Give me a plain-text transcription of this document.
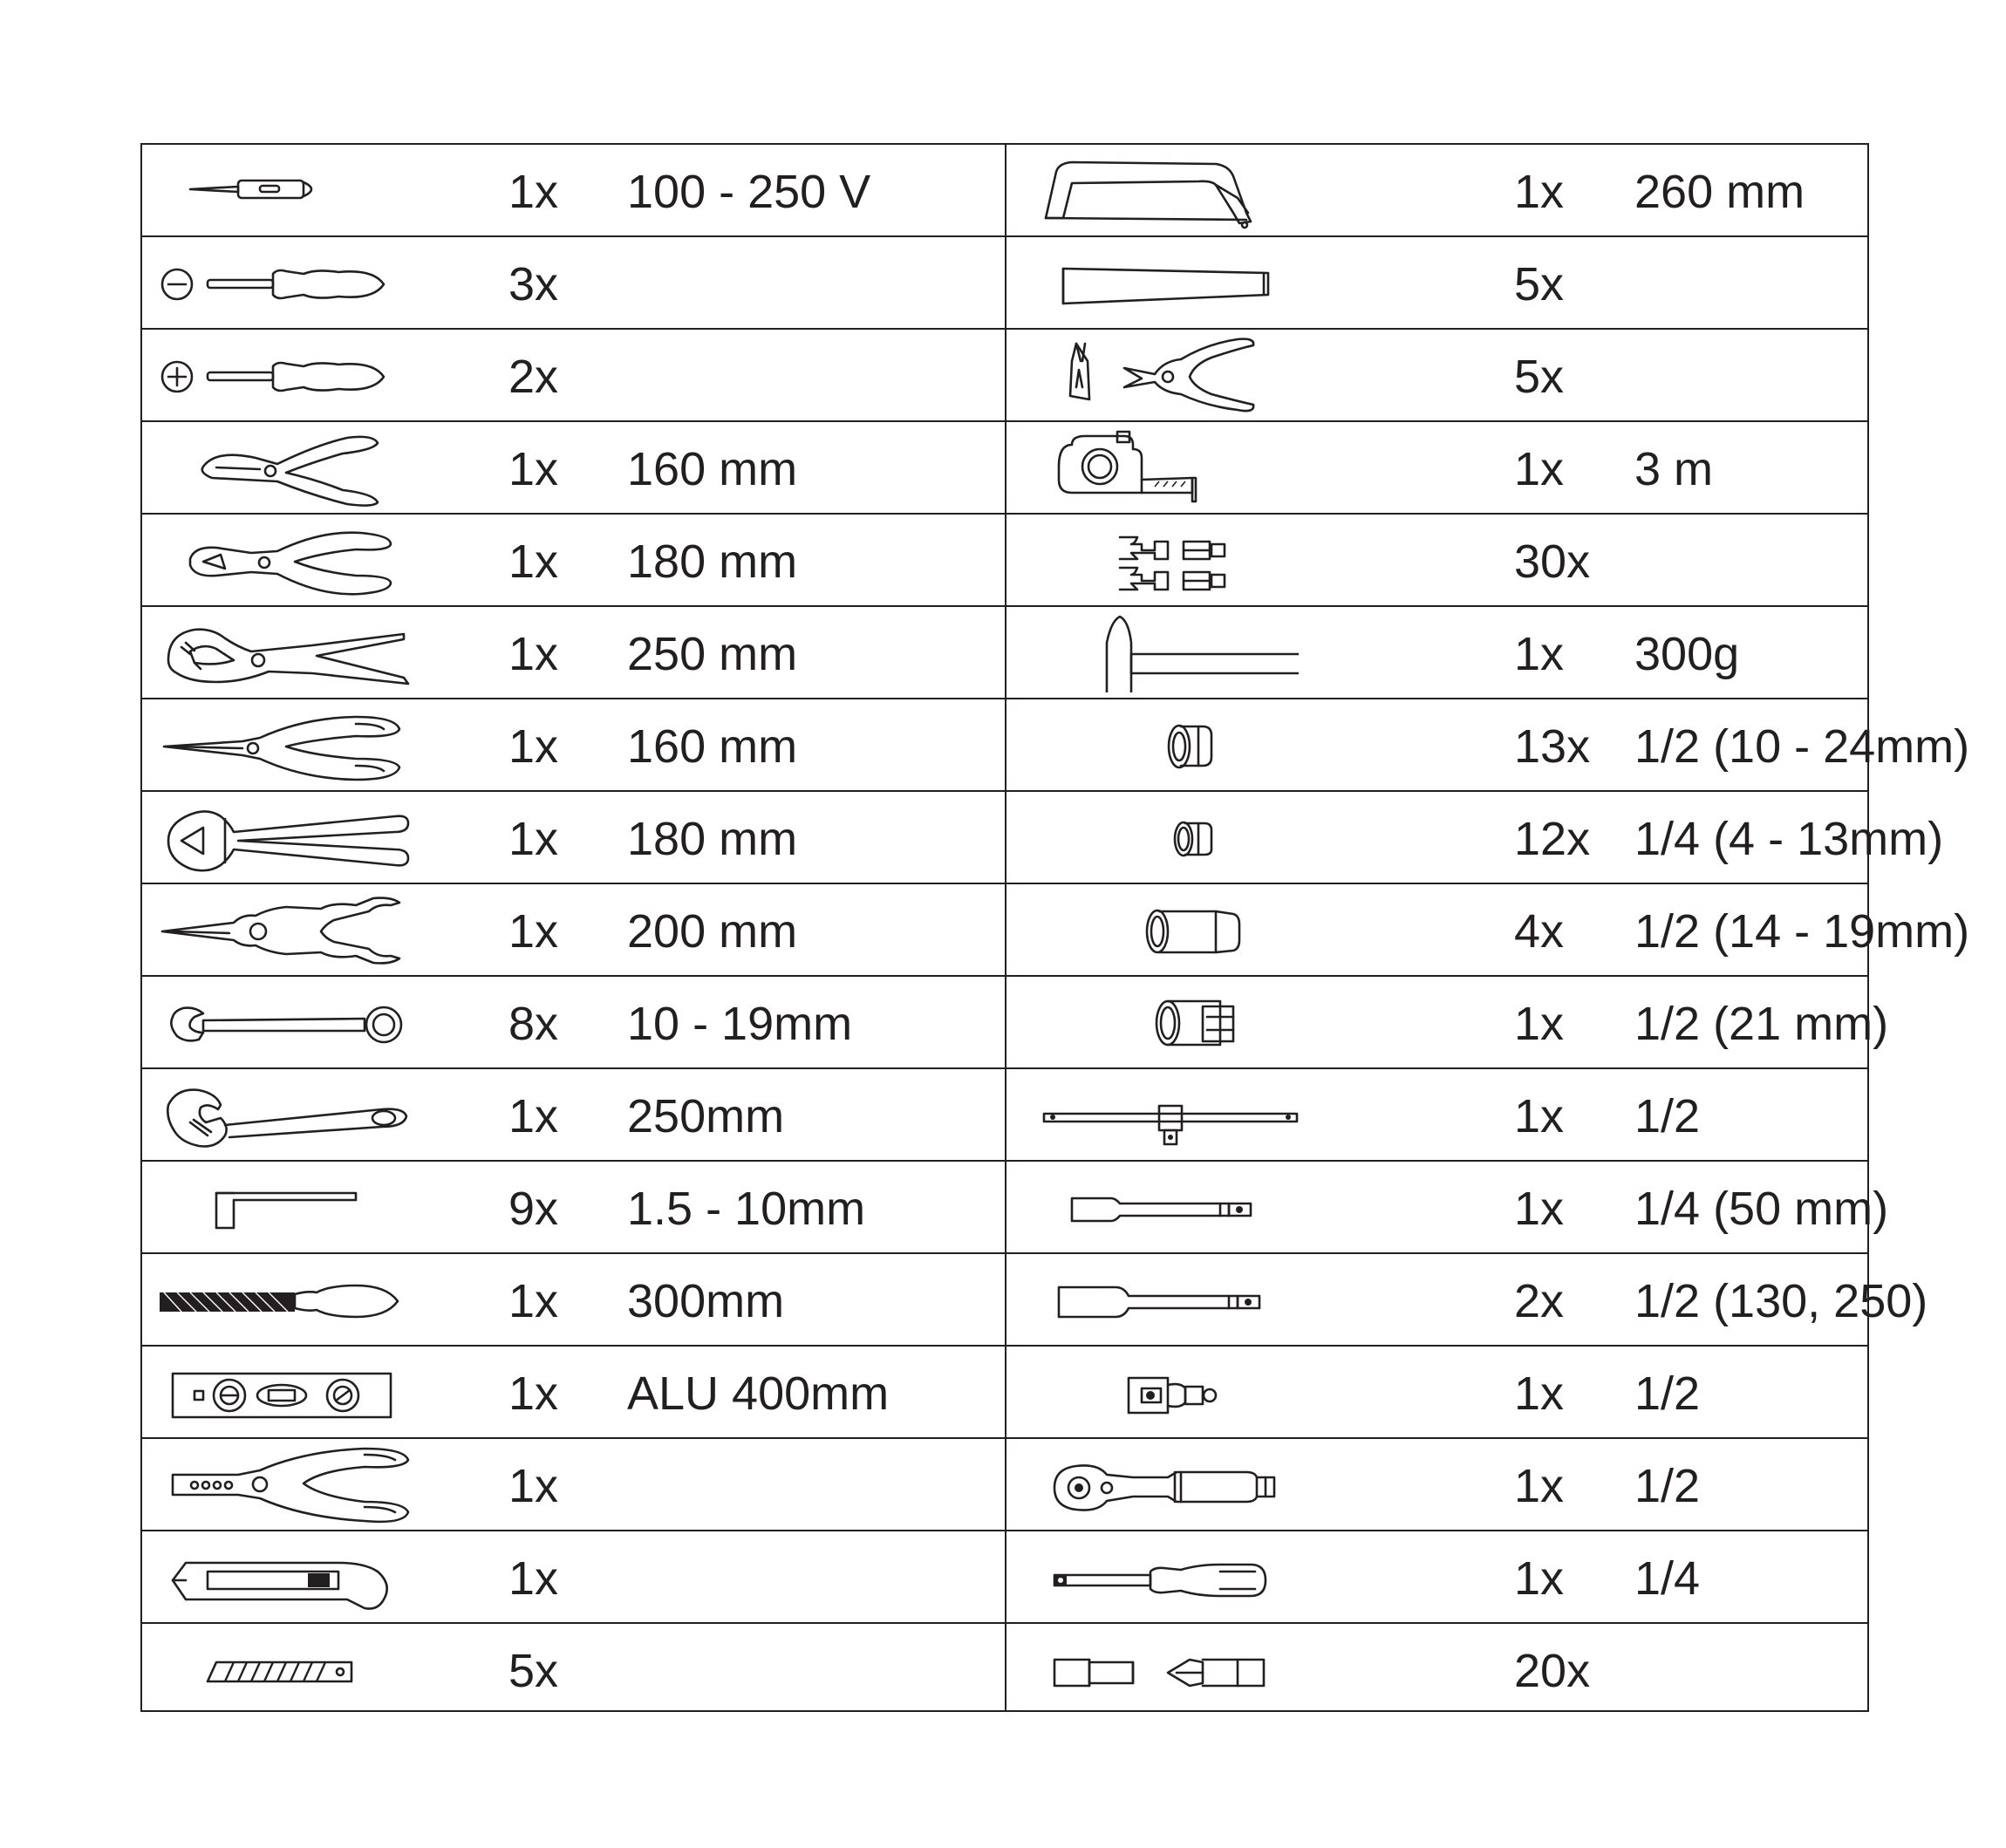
1x 100 - 250 V
3x
2x
1x 160 mm
1x 180 mm
1x 250 mm
1x 160 mm
1x 180 mm
1x 200 mm
8x 10 - 19mm
1x 250mm
9x 1.5 - 10mm
1x 300mm
1x ALU 400mm
1x
1x
5x
1x 260 mm
5x
5x
1x 3 m
30x
1x 300g
13x 1/2 (10 - 24mm)
12x 1/4 (4 - 13mm)
4x 1/2 (14 - 19mm)
1x 1/2 (21 mm)
1x 1/2
1x 1/4 (50 mm)
2x 1/2 (130, 250)
1x 1/2
1x 1/2
1x 1/4
20x
